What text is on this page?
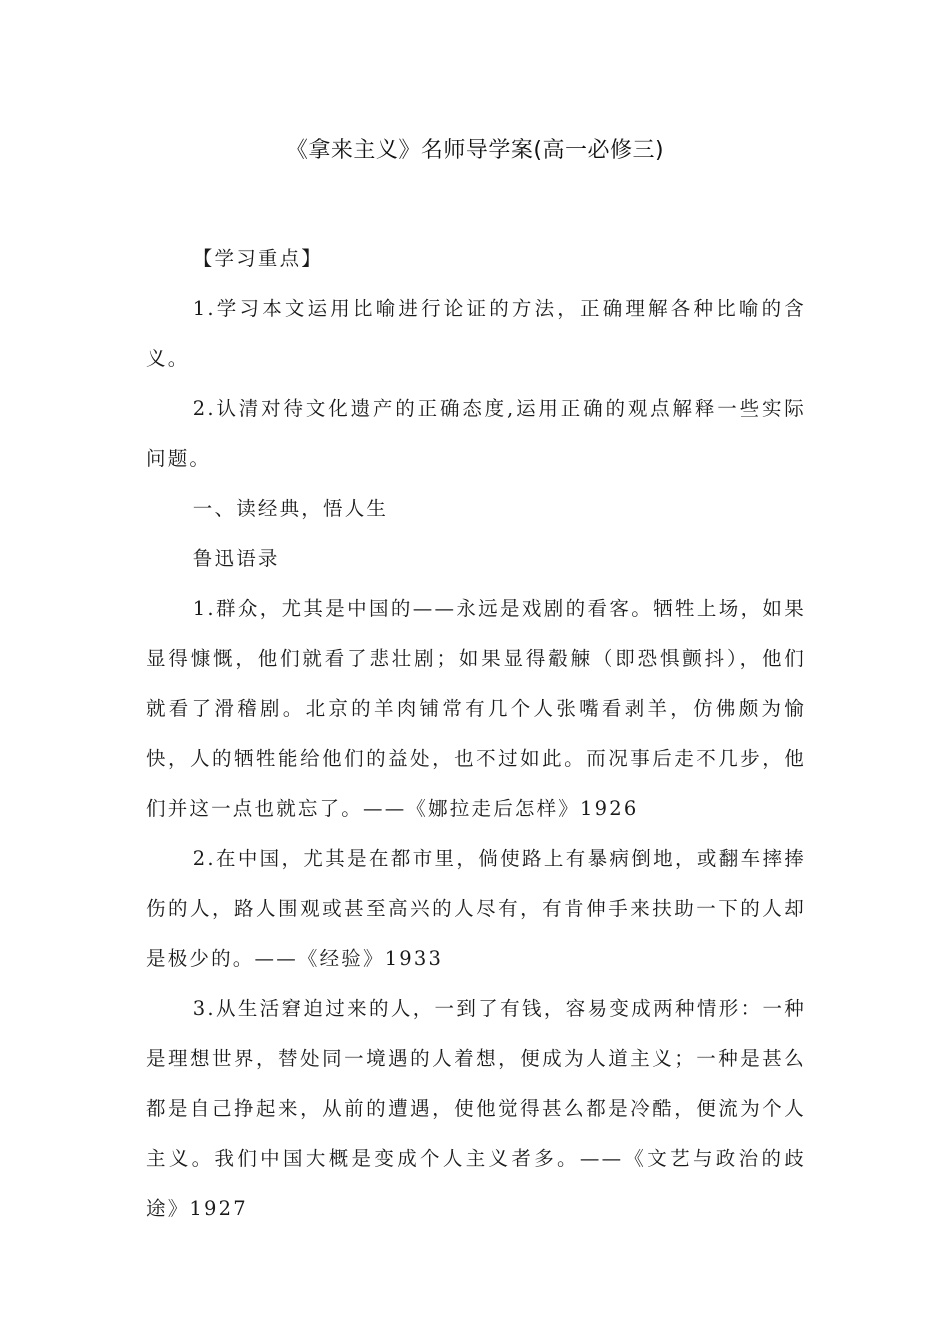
《拿来主义》名师导学案(高一必修三)

【学习重点】

1.学习本文运用比喻进行论证的方法，正确理解各种比喻的含义。

2.认清对待文化遗产的正确态度,运用正确的观点解释一些实际问题。

一、读经典，悟人生

鲁迅语录

1.群众，尤其是中国的——永远是戏剧的看客。牺牲上场，如果显得慷慨，他们就看了悲壮剧；如果显得觳觫（即恐惧颤抖），他们就看了滑稽剧。北京的羊肉铺常有几个人张嘴看剥羊，仿佛颇为愉快，人的牺牲能给他们的益处，也不过如此。而况事后走不几步，他们并这一点也就忘了。——《娜拉走后怎样》1926

2.在中国，尤其是在都市里，倘使路上有暴病倒地，或翻车摔捧伤的人，路人围观或甚至高兴的人尽有，有肯伸手来扶助一下的人却是极少的。——《经验》1933

3.从生活窘迫过来的人，一到了有钱，容易变成两种情形：一种是理想世界，替处同一境遇的人着想，便成为人道主义；一种是甚么都是自己挣起来，从前的遭遇，使他觉得甚么都是冷酷，便流为个人主义。我们中国大概是变成个人主义者多。——《文艺与政治的歧途》1927
